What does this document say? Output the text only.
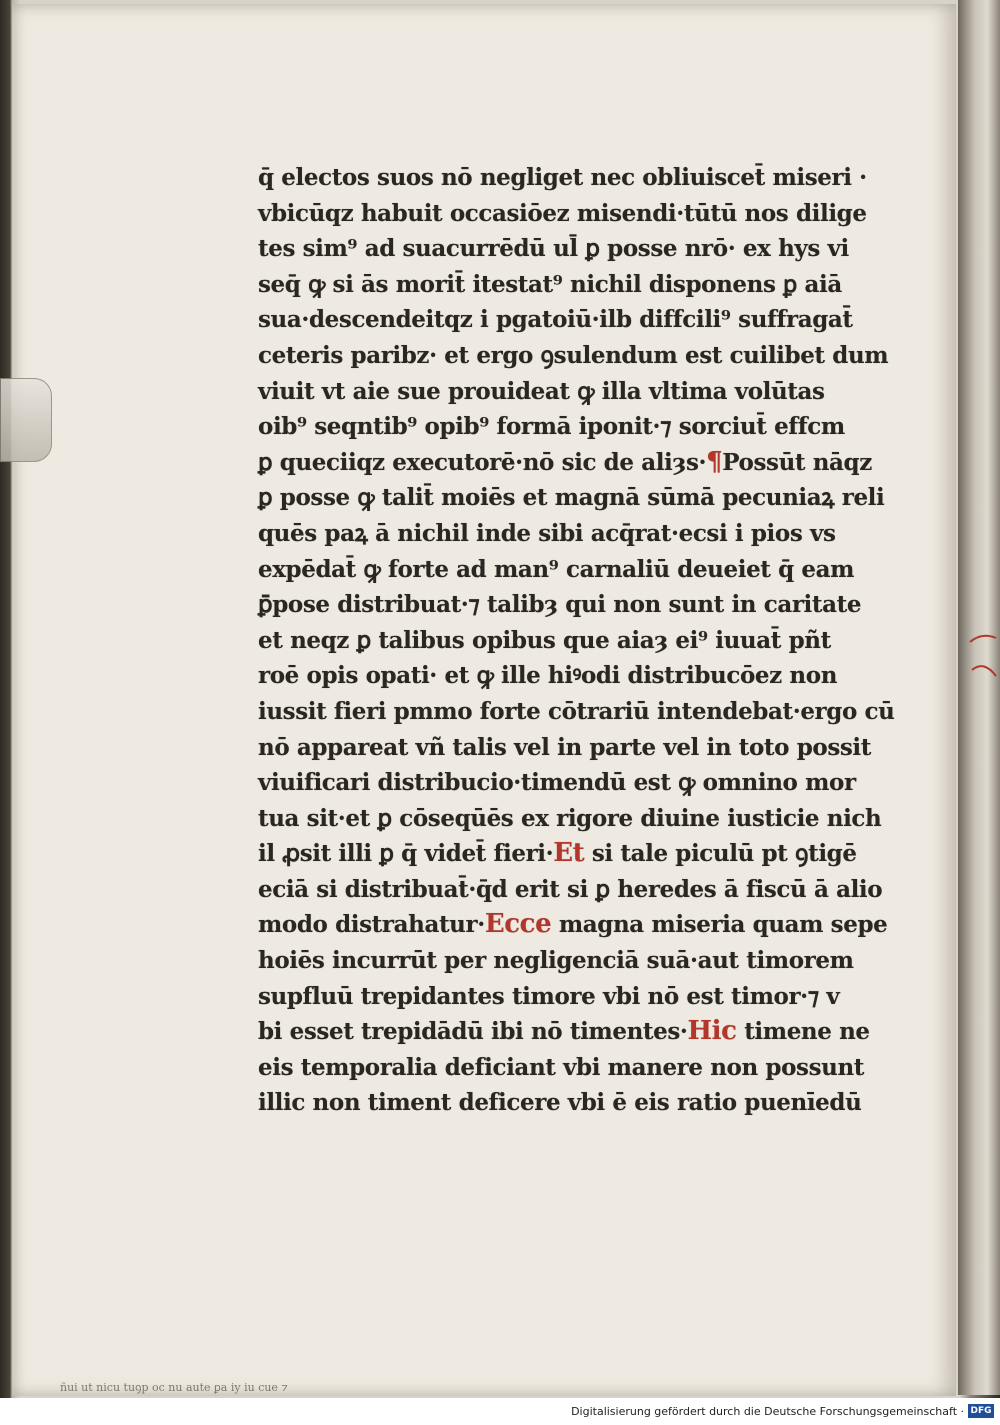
q̄ electos suos nō negliget nec obliuiscet̄ miseri ·
vbicūqz habuit occasiōez misendi·tūtū nos dilige
tes sim⁹ ad suacurrēdū ul̄ ꝑ posse nrō· ex hys vi
seq̄ ꝙ si ās morit̄ itestat⁹ nichil disponens ꝑ aiā
sua·descendeitqz i pgatoiū·ilb diffcili⁹ suffragat̄
ceteris paribz· et ergo ꝯsulendum est cuilibet dum
viuit vt aie sue prouideat ꝙ illa vltima volūtas
oib⁹ seqntib⁹ opib⁹ formā iponit·⁊ sorciut̄ effcm
ꝑ queciiqz executorē·nō sic de aliȝs·¶Possūt nāqz
ꝑ posse ꝙ talit̄ moiēs et magnā sūmā pecuniaꝝ reli
quēs paꝝ ā nichil inde sibi acq̄rat·ecsi i pios vs
expēdat̄ ꝙ forte ad man⁹ carnaliū deueiet q̄ eam
ꝑ̄pose distribuat·⁊ talibȝ qui non sunt in caritate
et neqz ꝑ talibus opibus que aiaȝ ei⁹ iuuat̄ pñt
roē opis opati· et ꝙ ille hiꝰodi distribucōez non
iussit fieri pmmo forte cōtrariū intendebat·ergo cū
nō appareat vñ talis vel in parte vel in toto possit
viuificari distribucio·timendū est ꝙ omnino mor
tua sit·et ꝑ cōseqūēs ex rigore diuine iusticie nich
il ꝓsit illi ꝑ q̄ videt̄ fieri·Et si tale piculū pt ꝯtigē
eciā si distribuat̄·q̄d erit si ꝑ heredes ā fiscū ā alio
modo distrahatur·Ecce magna miseria quam sepe
hoiēs incurrūt per negligenciā suā·aut timorem
supfluū trepidantes timore vbi nō est timor·⁊ v
bi esset trepidādū ibi nō timentes·Hic timene ne
eis temporalia deficiant vbi manere non possunt
illic non timent deficere vbi ē eis ratio puenīedū
ñui ut nicu tuꝯp oc nu aute ꝑa iy iu cue ⁊
Digitalisierung gefördert durch die Deutsche Forschungsgemeinschaft · DFG
